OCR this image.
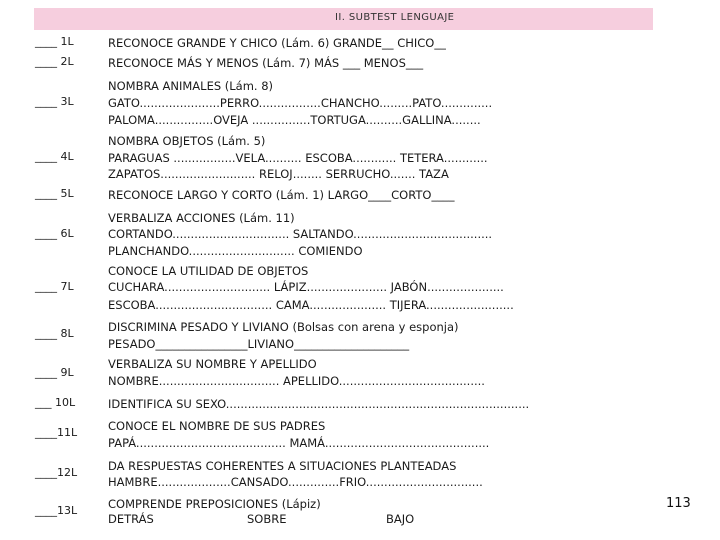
II. SUBTEST LENGUAJE
____ 1L	RECONOCE GRANDE Y CHICO (Lám. 6) GRANDE__ CHICO__
____ 2L	RECONOCE MÁS Y MENOS (Lám. 7) MÁS ___ MENOS___
____ 3L
NOMBRA ANIMALES (Lám. 8)
GATO......................PERRO.................CHANCHO.........PATO..............
PALOMA................OVEJA ................TORTUGA..........GALLINA........
____ 4L
NOMBRA OBJETOS (Lám. 5)
PARAGUAS .................VELA.......... ESCOBA............ TETERA............
ZAPATOS.......................... RELOJ........ SERRUCHO....... TAZA
____ 5L	RECONOCE LARGO Y CORTO (Lám. 1) LARGO____CORTO____
____ 6L
VERBALIZA ACCIONES (Lám. 11)
CORTANDO................................ SALTANDO......................................
PLANCHANDO............................. COMIENDO
____ 7L
CONOCE LA UTILIDAD DE OBJETOS
CUCHARA............................. LÁPIZ...................... JABÓN.....................
ESCOBA................................ CAMA..................... TIJERA........................
____ 8L	DISCRIMINA PESADO Y LIVIANO (Bolsas con arena y esponja)
PESADO________________LIVIANO____________________
____ 9L
VERBALIZA SU NOMBRE Y APELLIDO
NOMBRE................................. APELLIDO........................................
___ 10L	IDENTIFICA SU SEXO...................................................................................
____11L	CONOCE EL NOMBRE DE SUS PADRES
PAPÁ......................................... MAMÁ.............................................
____12L	DA RESPUESTAS COHERENTES A SITUACIONES PLANTEADAS
HAMBRE....................CANSADO..............FRIO................................
____13L	COMPRENDE PREPOSICIONES (Lápiz)
DETRÁS	SOBRE	BAJO
113
